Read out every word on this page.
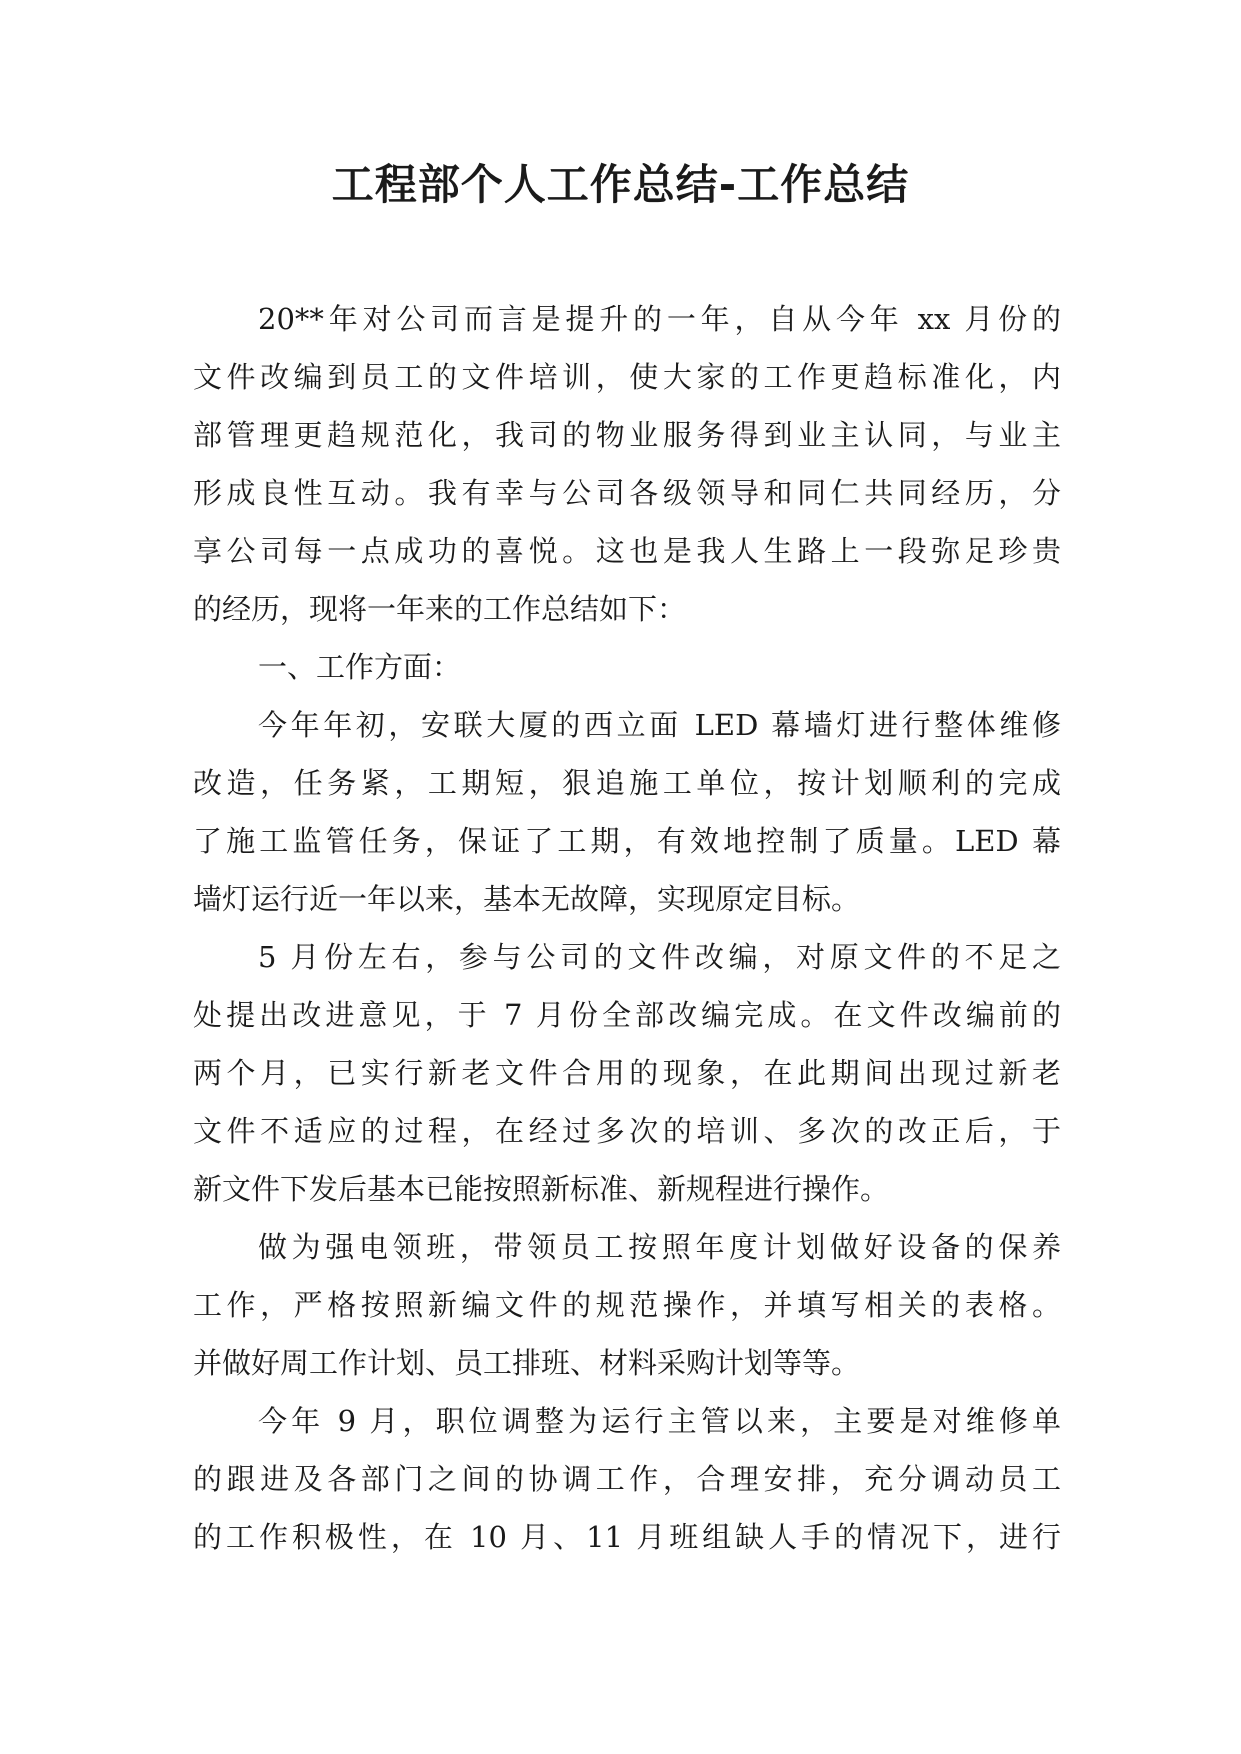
工程部个人工作总结-工作总结
20**年对公司而言是提升的一年，自从今年 xx 月份的
文件改编到员工的文件培训，使大家的工作更趋标准化，内
部管理更趋规范化，我司的物业服务得到业主认同，与业主
形成良性互动。我有幸与公司各级领导和同仁共同经历，分
享公司每一点成功的喜悦。这也是我人生路上一段弥足珍贵
的经历，现将一年来的工作总结如下：
一、工作方面：
今年年初，安联大厦的西立面 LED 幕墙灯进行整体维修
改造，任务紧，工期短，狠追施工单位，按计划顺利的完成
了施工监管任务，保证了工期，有效地控制了质量。LED 幕
墙灯运行近一年以来，基本无故障，实现原定目标。
5 月份左右，参与公司的文件改编，对原文件的不足之
处提出改进意见，于 7 月份全部改编完成。在文件改编前的
两个月，已实行新老文件合用的现象，在此期间出现过新老
文件不适应的过程，在经过多次的培训、多次的改正后，于
新文件下发后基本已能按照新标准、新规程进行操作。
做为强电领班，带领员工按照年度计划做好设备的保养
工作，严格按照新编文件的规范操作，并填写相关的表格。
并做好周工作计划、员工排班、材料采购计划等等。
今年 9 月，职位调整为运行主管以来，主要是对维修单
的跟进及各部门之间的协调工作，合理安排，充分调动员工
的工作积极性，在 10 月、11 月班组缺人手的情况下，进行
